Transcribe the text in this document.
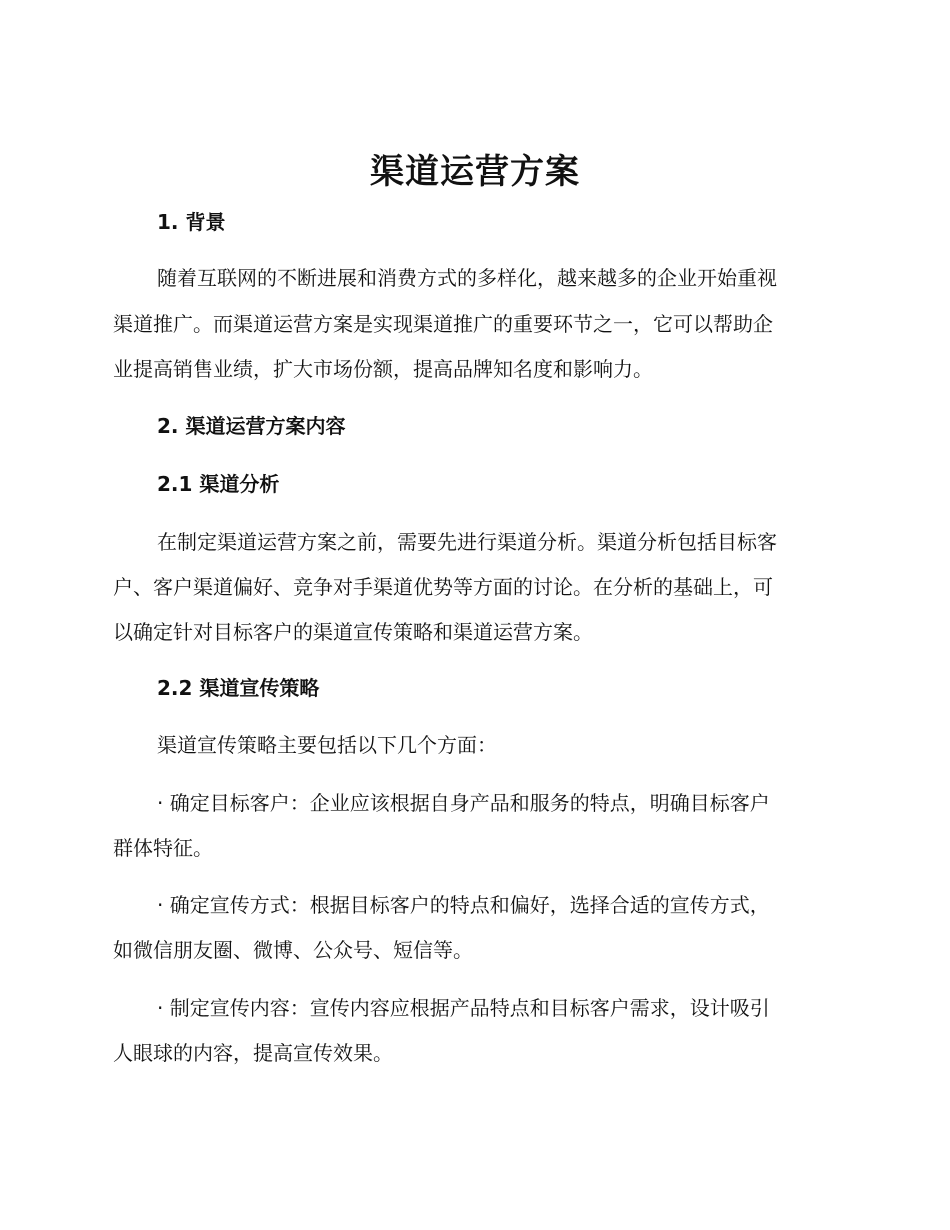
渠道运营方案
1. 背景
随着互联网的不断进展和消费方式的多样化，越来越多的企业开始重视
渠道推广。而渠道运营方案是实现渠道推广的重要环节之一，它可以帮助企
业提高销售业绩，扩大市场份额，提高品牌知名度和影响力。
2. 渠道运营方案内容
2.1 渠道分析
在制定渠道运营方案之前，需要先进行渠道分析。渠道分析包括目标客
户、客户渠道偏好、竞争对手渠道优势等方面的讨论。在分析的基础上，可
以确定针对目标客户的渠道宣传策略和渠道运营方案。
2.2 渠道宣传策略
渠道宣传策略主要包括以下几个方面：
· 确定目标客户：企业应该根据自身产品和服务的特点，明确目标客户
群体特征。
· 确定宣传方式：根据目标客户的特点和偏好，选择合适的宣传方式，
如微信朋友圈、微博、公众号、短信等。
· 制定宣传内容：宣传内容应根据产品特点和目标客户需求，设计吸引
人眼球的内容，提高宣传效果。
